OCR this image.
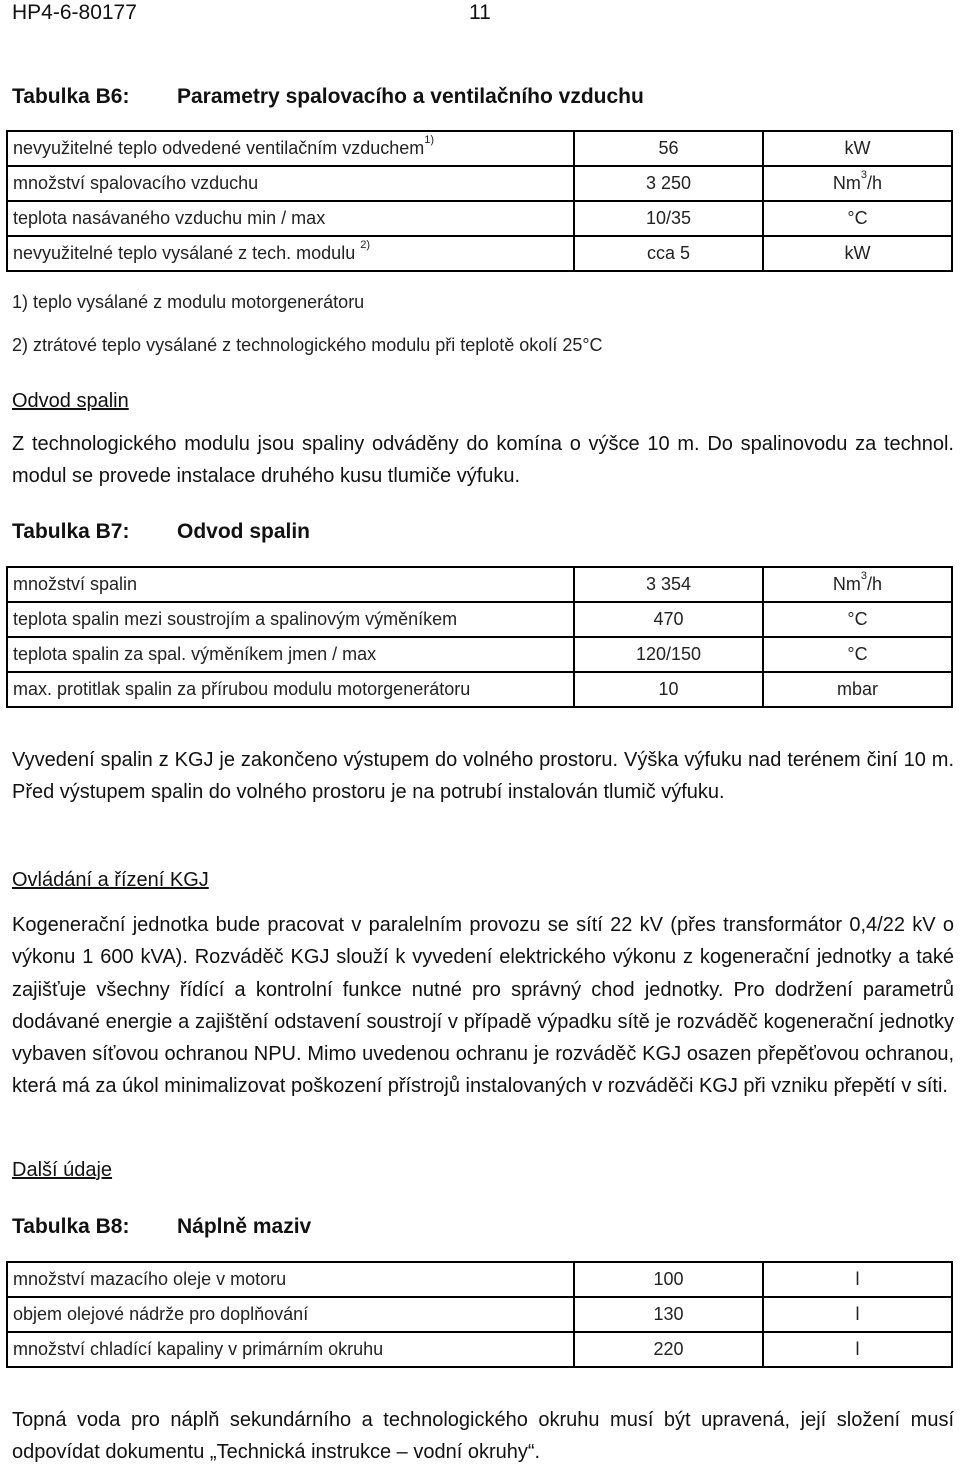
HP4-6-80177	11
Tabulka B6: Parametry spalovacího a ventilačního vzduchu
nevyužitelné teplo odvedené ventilačním vzduchem$^{1)}$	56	kW
množství spalovacího vzduchu	3 250	Nm$^3$/h
teplota nasávaného vzduchu min / max	10/35	°C
nevyužitelné teplo vysálané z tech. modulu $^{2)}$	cca 5	kW
1) teplo vysálané z modulu motorgenerátoru
2) ztrátové teplo vysálané z technologického modulu při teplotě okolí 25°C
Odvod spalin
Z technologického modulu jsou spaliny odváděny do komína o výšce 10 m. Do spalinovodu za technol. modul se provede instalace druhého kusu tlumiče výfuku.
Tabulka B7: Odvod spalin
množství spalin	3 354	Nm$^3$/h
teplota spalin mezi soustrojím a spalinovým výměníkem	470	°C
teplota spalin za spal. výměníkem jmen / max	120/150	°C
max. protitlak spalin za přírubou modulu motorgenerátoru	10	mbar
Vyvedení spalin z KGJ je zakončeno výstupem do volného prostoru. Výška výfuku nad terénem činí 10 m. Před výstupem spalin do volného prostoru je na potrubí instalován tlumič výfuku.
Ovládání a řízení KGJ
Kogenerační jednotka bude pracovat v paralelním provozu se sítí 22 kV (přes transformátor 0,4/22 kV o výkonu 1 600 kVA). Rozváděč KGJ slouží k vyvedení elektrického výkonu z kogenerační jednotky a také zajišťuje všechny řídící a kontrolní funkce nutné pro správný chod jednotky. Pro dodržení parametrů dodávané energie a zajištění odstavení soustrojí v případě výpadku sítě je rozváděč kogenerační jednotky vybaven síťovou ochranou NPU. Mimo uvedenou ochranu je rozváděč KGJ osazen přepěťovou ochranou, která má za úkol minimalizovat poškození přístrojů instalovaných v rozváděči KGJ při vzniku přepětí v síti.
Další údaje
Tabulka B8: Náplně maziv
množství mazacího oleje v motoru	100	l
objem olejové nádrže pro doplňování	130	l
množství chladící kapaliny v primárním okruhu	220	l
Topná voda pro náplň sekundárního a technologického okruhu musí být upravená, její složení musí odpovídat dokumentu „Technická instrukce – vodní okruhy“.
